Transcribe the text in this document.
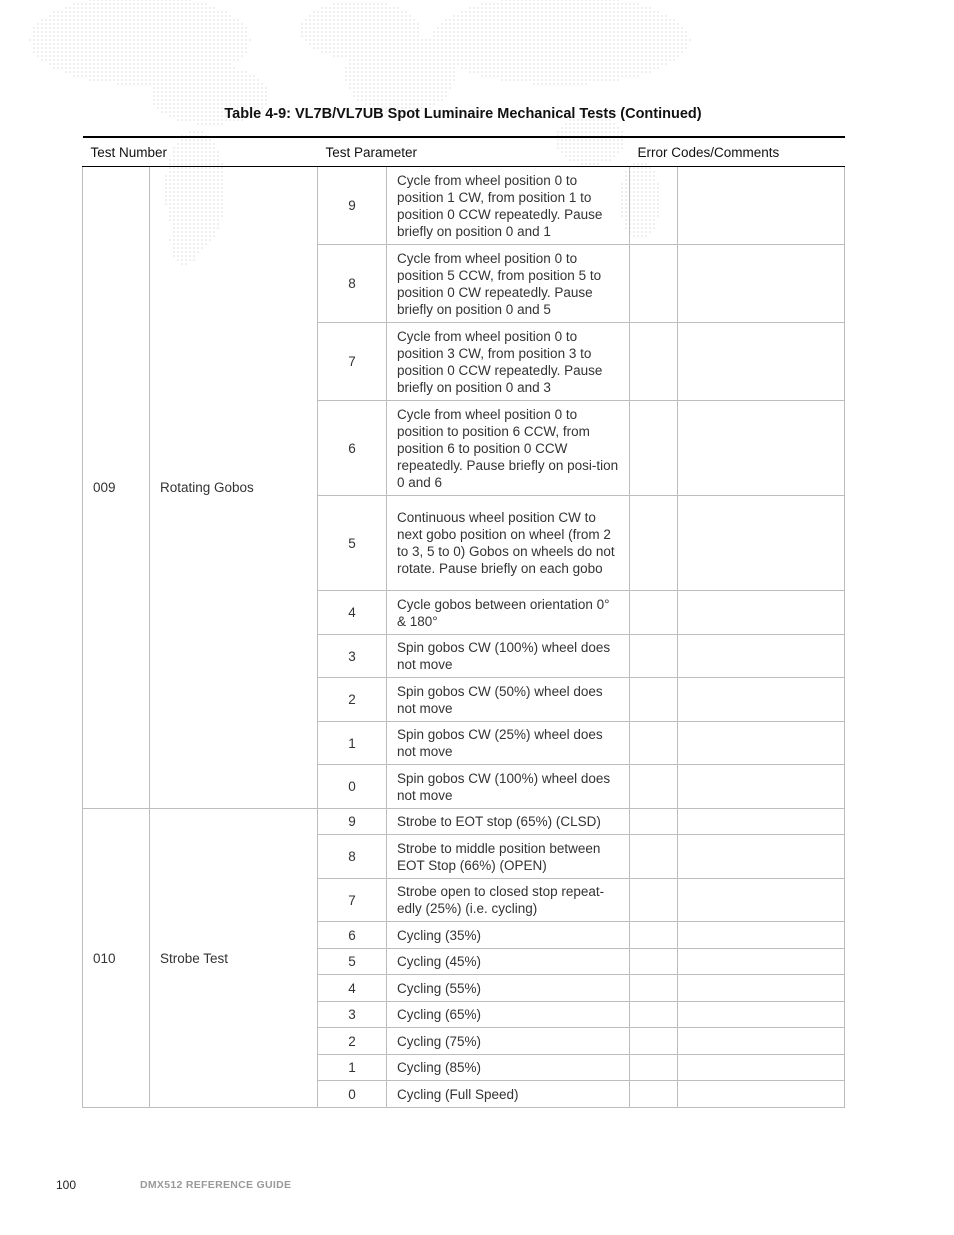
Table 4-9: VL7B/VL7UB Spot Luminaire Mechanical Tests (Continued)
Test Number		Test Parameter		Error Codes/Comments	
009	Rotating Gobos	9	Cycle from wheel position 0 to position 1 CW, from position 1 to position 0 CCW repeatedly. Pause briefly on position 0 and 1		
		8	Cycle from wheel position 0 to position 5 CCW, from position 5 to position 0 CW repeatedly. Pause briefly on position 0 and 5		
		7	Cycle from wheel position 0 to position 3 CW, from position 3 to position 0 CCW repeatedly. Pause briefly on position 0 and 3		
		6	Cycle from wheel position 0 to position to position 6 CCW, from position 6 to position 0 CCW repeatedly. Pause briefly on posi-tion 0 and 6		
		5	Continuous wheel position CW to next gobo position on wheel (from 2 to 3, 5 to 0) Gobos on wheels do not rotate. Pause briefly on each gobo		
		4	Cycle gobos between orientation 0° & 180°		
		3	Spin gobos CW (100%) wheel does not move		
		2	Spin gobos CW (50%) wheel does not move		
		1	Spin gobos CW (25%) wheel does not move		
		0	Spin gobos CW (100%) wheel does not move		
010	Strobe Test	9	Strobe to EOT stop (65%) (CLSD)		
		8	Strobe to middle position between EOT Stop (66%) (OPEN)		
		7	Strobe open to closed stop repeat-edly (25%) (i.e. cycling)		
		6	Cycling (35%)		
		5	Cycling (45%)		
		4	Cycling (55%)		
		3	Cycling (65%)		
		2	Cycling (75%)		
		1	Cycling (85%)		
		0	Cycling (Full Speed)		
100	DMX512 REFERENCE GUIDE
